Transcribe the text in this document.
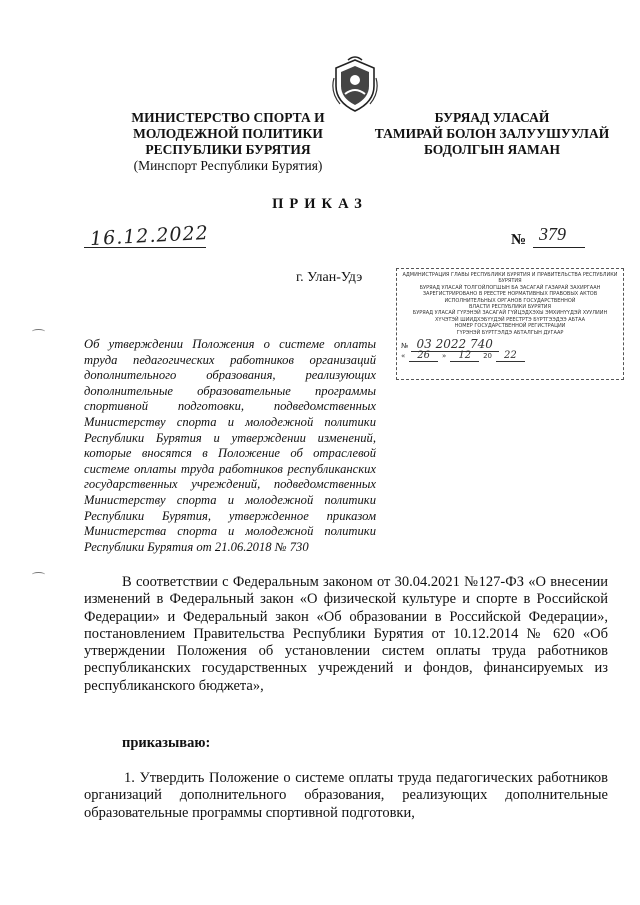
МИНИСТЕРСТВО СПОРТА И
МОЛОДЕЖНОЙ ПОЛИТИКИ
РЕСПУБЛИКИ БУРЯТИЯ
(Минспорт Республики Бурятия)
БУРЯАД УЛАСАЙ
ТАМИРАЙ БОЛОН ЗАЛУУШУУЛАЙ
БОДОЛГЫН ЯАМАН
ПРИКАЗ
16.12.2022	№ 379
г. Улан-Удэ	АДМИНИСТРАЦИЯ ГЛАВЫ РЕСПУБЛИКИ БУРЯТИЯ И ПРАВИТЕЛЬСТВА РЕСПУБЛИКИ БУРЯТИЯ
БУРЯАД УЛАСАЙ ТОЛГОЙЛОГШЫН БА ЗАСАГАЙ ГАЗАРАЙ ЗАХИРГААН
ЗАРЕГИСТРИРОВАНО В РЕЕСТРЕ НОРМАТИВНЫХ ПРАВОВЫХ АКТОВ
ИСПОЛНИТЕЛЬНЫХ ОРГАНОВ ГОСУДАРСТВЕННОЙ
ВЛАСТИ РЕСПУБЛИКИ БУРЯТИЯ
БУРЯАД УЛАСАЙ ГҮРЭНЭЙ ЗАСАГАЙ ГҮЙЦЭДХЭХЫ ЭМХИНҮҮДЭЙ ХУУЛИИН
ХҮЧЭТЭЙ ШИИДХЭБҮҮДЭЙ РЕЕСТРТЭ БҮРТГЭЭДЭЭ АБТАА
НОМЕР ГОСУДАРСТВЕННОЙ РЕГИСТРАЦИИ
ГҮРЭНЭЙ БҮРТГЭЛДЭ АБТАЛГЫН ДУГААР
№ 03 2022 740
« 26 » 12 20 22
Об утверждении Положения о системе оплаты труда педагогических работников организаций дополнительного образования, реализующих дополнительные образовательные программы спортивной подготовки, подведомственных Министерству спорта и молодежной политики Республики Бурятия и утверждении изменений, которые вносятся в Положение об отраслевой системе оплаты труда работников республиканских государственных учреждений, подведомственных Министерству спорта и молодежной политики Республики Бурятия, утвержденное приказом Министерства спорта и молодежной политики Республики Бурятия от 21.06.2018 № 730
В соответствии с Федеральным законом от 30.04.2021 №127-ФЗ «О внесении изменений в Федеральный закон «О физической культуре и спорте в Российской Федерации» и Федеральный закон «Об образовании в Российской Федерации», постановлением Правительства Республики Бурятия от 10.12.2014 № 620 «Об утверждении Положения об установлении систем оплаты труда работников республиканских государственных учреждений и фондов, финансируемых из республиканского бюджета»,
приказываю:
1. Утвердить Положение о системе оплаты труда педагогических работников организаций дополнительного образования, реализующих дополнительные образовательные программы спортивной подготовки,
